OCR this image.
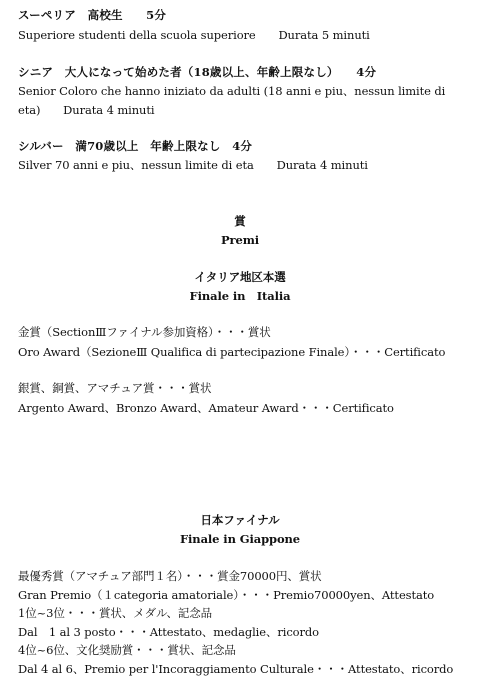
スーペリア　高校生　　5分
Superiore studenti della scuola superiore　　Durata 5 minuti
シニア　大人になって始めた者（18歳以上、年齢上限なし）　　4分
Senior Coloro che hanno iniziato da adulti (18 anni e piu、nessun limite di eta)　　Durata 4 minuti
シルバー　満70歳以上　年齢上限なし　4分
Silver 70 anni e piu、nessun limite di eta　　Durata 4 minuti
賞
Premi
イタリア地区本選
Finale in　Italia
金賞（SectionⅢファイナル参加資格）・・・賞状
Oro Award（SezioneⅢ Qualifica di partecipazione Finale）・・・Certificato
銀賞、銅賞、アマチュア賞・・・賞状
Argento Award、Bronzo Award、Amateur Award・・・Certificato
日本ファイナル
Finale in Giappone
最優秀賞（アマチュア部門１名）・・・賞金70000円、賞状
Gran Premio（１categoria amatoriale）・・・Premio70000yen、Attestato
1位~3位・・・賞状、メダル、記念品
Dal　1 al 3 posto・・・Attestato、medaglie、ricordo
4位~6位、文化奨励賞・・・賞状、記念品
Dal 4 al 6、Premio per l'Incoraggiamento Culturale・・・Attestato、ricordo
